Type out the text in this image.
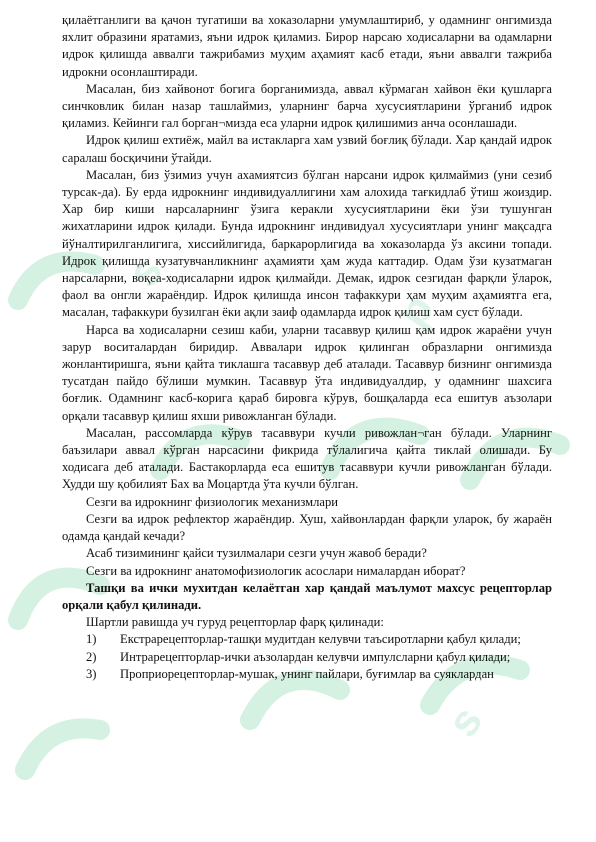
s
p
s

қилаётганлиги ва қачон тугатиши ва хоказоларни умумлаштириб, у одамнинг онгимизда яхлит образини яратамиз, яъни идрок қиламиз. Бирор нарсаю ходисаларни ва одамларни идрок қилишда аввалги тажрибамиз муҳим аҳамият касб етади, яъни аввалги тажриба идрокни осонлаштиради.

Масалан, биз хайвонот богига борганимизда, аввал кўрмаган хайвон ёки қушларга синчковлик билан назар ташлаймиз, уларнинг барча хусусиятларини ўрганиб идрок қиламиз. Кейинги гал борган¬мизда еса уларни идрок қилишимиз анча осонлашади.

Идрок қилиш ехтиёж, майл ва истакларга хам узвий боғлиқ бўлади. Хар қандай идрок саралаш босқичини ўтайди.

Масалан, биз ўзимиз учун ахамиятсиз бўлган нарсани идрок қилмаймиз (уни сезиб турсак-да). Бу ерда идрокнинг индивидуаллигини хам алохида тағкидлаб ўтиш жоиздир. Хар бир киши нарсаларнинг ўзига керакли хусусиятларини ёки ўзи тушунган жихатларини идрок қилади. Бунда идрокнинг индивидуал хусусиятлари унинг мақсадга йўналтирилганлигига, хиссийлигида, баркарорлигида ва хоказоларда ўз аксини топади. Идрок қилишда кузатувчанликнинг аҳамияти ҳам жуда каттадир. Одам ўзи кузатмаган нарсаларни, воқеа-ходисаларни идрок қилмайди. Демак, идрок сезгидан фарқли ўларок, фаол ва онгли жараёндир. Идрок қилишда инсон тафаккури ҳам муҳим аҳамиятга ега, масалан, тафаккури бузилган ёки ақли заиф одамларда идрок қилиш хам суст бўлади.

Нарса ва ходисаларни сезиш каби, уларни тасаввур қилиш қам идрок жараёни учун зарур воситалардан биридир. Аввалари идрок қилинган образларни онгимизда жонлантиришга, яъни қайта тиклашга тасаввур деб аталади. Тасаввур бизнинг онгимизда тусатдан пайдо бўлиши мумкин. Тасаввур ўта индивидуалдир, у одамнинг шахсига боғлик. Одамнинг касб-корига қараб бировга кўрув, бошқаларда еса ешитув аъзолари орқали тасаввур қилиш яхши ривожланган бўлади.

Масалан, рассомларда кўрув тасаввури кучли ривожлан¬ган бўлади. Уларнинг баъзилари аввал кўрган нарсасини фикрида тўлалигича қайта тиклай олишади. Бу ходисага деб аталади. Бастакорларда еса ешитув тасаввури кучли ривожланган бўлади. Худди шу қобилият Бах ва Моцартда ўта кучли бўлган.

Сезги ва идрокнинг физиологик механизмлари

Сезги ва идрок рефлектор жараёндир. Хуш, хайвонлардан фарқли уларок, бу жараён одамда қандай кечади?

Асаб тизимининг қайси тузилмалари сезги учун жавоб беради?

Сезги ва идрокнинг анатомофизиологик асослари нималардан иборат?

Ташқи ва ички мухитдан келаётган хар қандай маълумот махсус рецепторлар орқали қабул қилинади.

Шартли равишда уч гуруд рецепторлар фарқ қилинади:

1) Екстрарецепторлар-ташқи мудитдан келувчи таъсиротларни қабул қилади;

2) Интрарецепторлар-ички аъзолардан келувчи импулсларни қабул қилади;

3) Проприорецепторлар-мушак, унинг пайлари, буғимлар ва суяклардан
